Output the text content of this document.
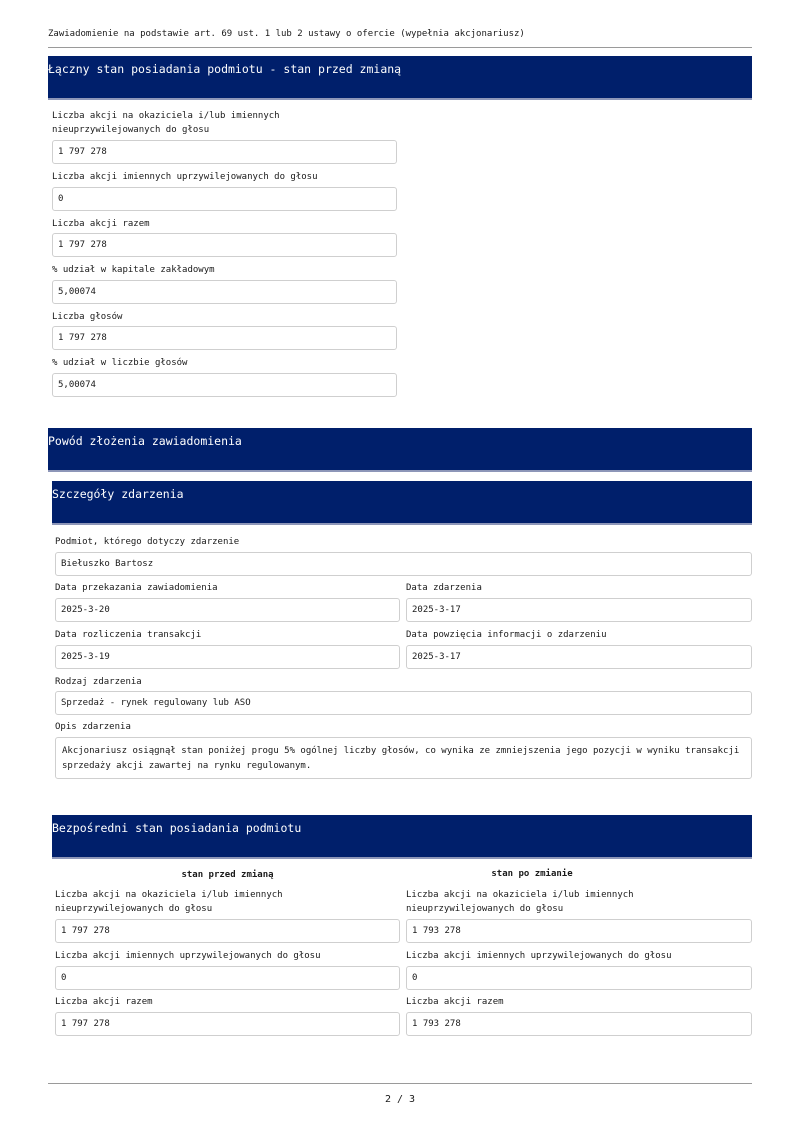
Zawiadomienie na podstawie art. 69 ust. 1 lub 2 ustawy o ofercie (wypełnia akcjonariusz)
Łączny stan posiadania podmiotu - stan przed zmianą
Liczba akcji na okaziciela i/lub imiennych nieuprzywilejowanych do głosu
1 797 278
Liczba akcji imiennych uprzywilejowanych do głosu
0
Liczba akcji razem
1 797 278
% udział w kapitale zakładowym
5,00074
Liczba głosów
1 797 278
% udział w liczbie głosów
5,00074
Powód złożenia zawiadomienia
Szczegóły zdarzenia
Podmiot, którego dotyczy zdarzenie
Biełuszko Bartosz
Data przekazania zawiadomienia
2025-3-20
Data zdarzenia
2025-3-17
Data rozliczenia transakcji
2025-3-19
Data powzięcia informacji o zdarzeniu
2025-3-17
Rodzaj zdarzenia
Sprzedaż - rynek regulowany lub ASO
Opis zdarzenia
Akcjonariusz osiągnął stan poniżej progu 5% ogólnej liczby głosów, co wynika ze zmniejszenia jego pozycji w wyniku transakcji sprzedaży akcji zawartej na rynku regulowanym.
Bezpośredni stan posiadania podmiotu
stan przed zmianą	stan po zmianie
Liczba akcji na okaziciela i/lub imiennych nieuprzywilejowanych do głosu
1 797 278
Liczba akcji imiennych uprzywilejowanych do głosu
0
Liczba akcji razem
1 797 278
Liczba akcji na okaziciela i/lub imiennych nieuprzywilejowanych do głosu
1 793 278
Liczba akcji imiennych uprzywilejowanych do głosu
0
Liczba akcji razem
1 793 278
2 / 3
